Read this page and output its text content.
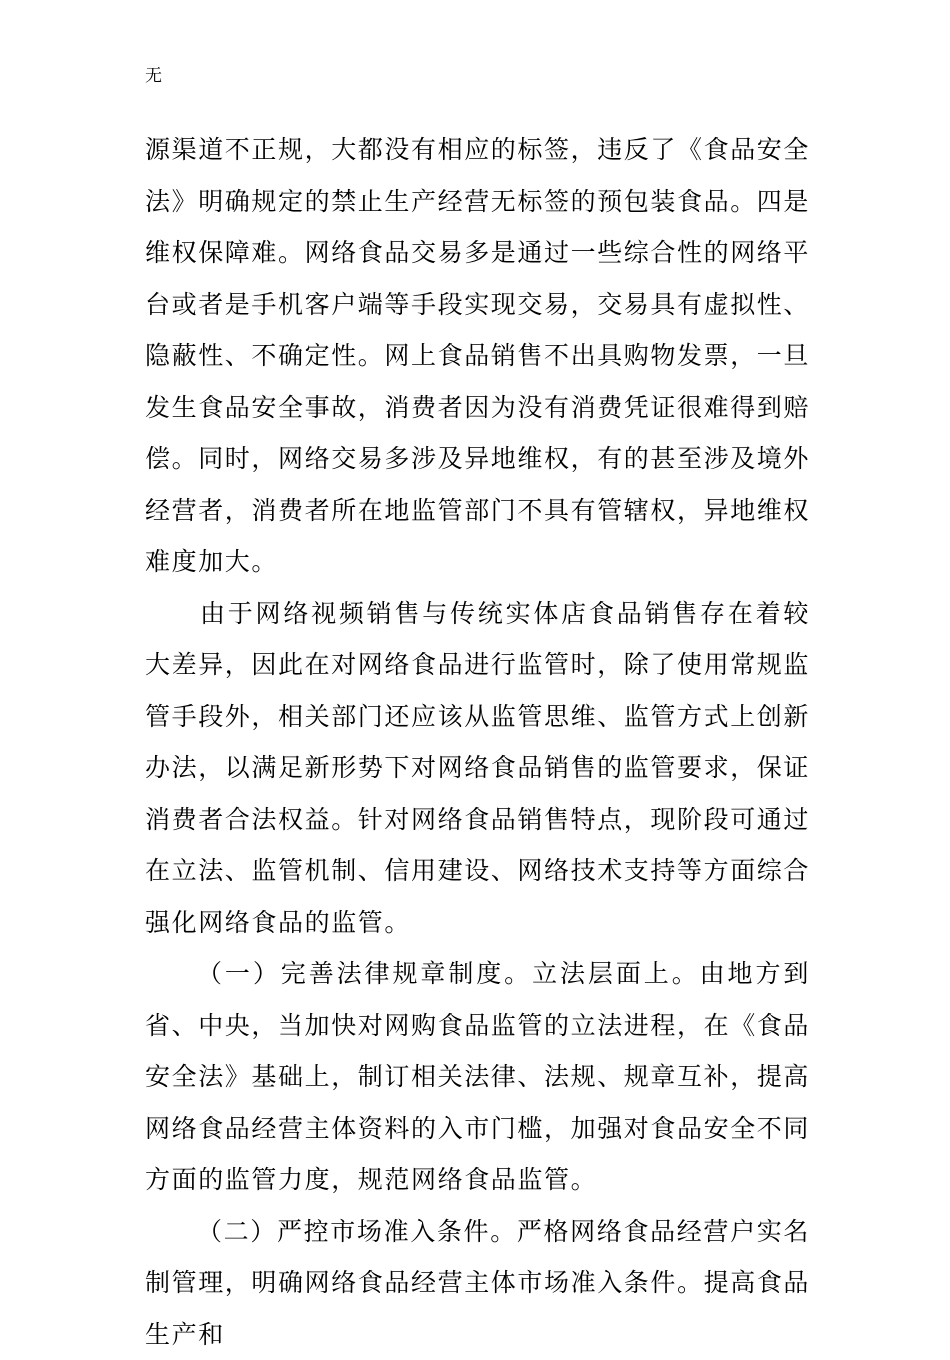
无

源渠道不正规，大都没有相应的标签，违反了《食品安全法》明确规定的禁止生产经营无标签的预包装食品。四是维权保障难。网络食品交易多是通过一些综合性的网络平台或者是手机客户端等手段实现交易，交易具有虚拟性、隐蔽性、不确定性。网上食品销售不出具购物发票，一旦发生食品安全事故，消费者因为没有消费凭证很难得到赔偿。同时，网络交易多涉及异地维权，有的甚至涉及境外经营者，消费者所在地监管部门不具有管辖权，异地维权难度加大。

由于网络视频销售与传统实体店食品销售存在着较大差异，因此在对网络食品进行监管时，除了使用常规监管手段外，相关部门还应该从监管思维、监管方式上创新办法，以满足新形势下对网络食品销售的监管要求，保证消费者合法权益。针对网络食品销售特点，现阶段可通过在立法、监管机制、信用建设、网络技术支持等方面综合强化网络食品的监管。

（一）完善法律规章制度。立法层面上。由地方到省、中央，当加快对网购食品监管的立法进程，在《食品安全法》基础上，制订相关法律、法规、规章互补，提高网络食品经营主体资料的入市门槛，加强对食品安全不同方面的监管力度，规范网络食品监管。

（二）严控市场准入条件。严格网络食品经营户实名制管理，明确网络食品经营主体市场准入条件。提高食品生产和
